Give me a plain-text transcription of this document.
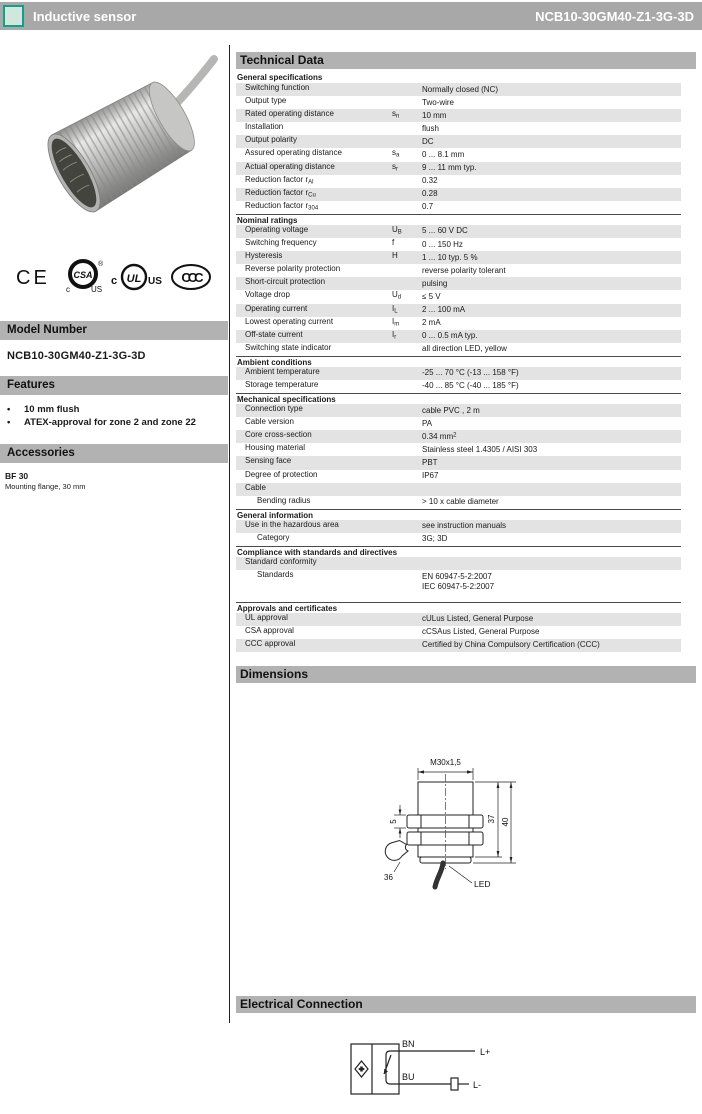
Inductive sensor	NCB10-30GM40-Z1-3G-3D
CE	CSA
c	US
®
c UL US CCC
Model Number
NCB10-30GM40-Z1-3G-3D
Features
•	10 mm flush
•	ATEX-approval for zone 2 and zone 22
Accessories
BF 30
Mounting flange, 30 mm
Technical Data
General specifications
Switching function	Normally closed (NC)
Output type	Two-wire
Rated operating distance	$s_n$	10 mm
Installation	flush
Output polarity	DC
Assured operating distance	$s_a$	0 ... 8.1 mm
Actual operating distance	$s_r$	9 ... 11 mm typ.
Reduction factor $r_{Al}$	0.32
Reduction factor $r_{Cu}$	0.28
Reduction factor $r_{304}$	0.7
Nominal ratings
Operating voltage	$U_B$	5 ... 60 V DC
Switching frequency	f	0 ... 150 Hz
Hysteresis	H	1 ... 10 typ. 5 %
Reverse polarity protection	reverse polarity tolerant
Short-circuit protection	pulsing
Voltage drop	$U_d$	≤ 5 V
Operating current	$I_L$	2 ... 100 mA
Lowest operating current	$I_m$	2 mA
Off-state current	$I_r$	0 ... 0.5 mA typ.
Switching state indicator	all direction LED, yellow
Ambient conditions
Ambient temperature	-25 ... 70 °C (-13 ... 158 °F)
Storage temperature	-40 ... 85 °C (-40 ... 185 °F)
Mechanical specifications
Connection type	cable PVC , 2 m
Cable version	PA
Core cross-section	0.34 $mm^2$
Housing material	Stainless steel 1.4305 / AISI 303
Sensing face	PBT
Degree of protection	IP67
Cable
Bending radius	> 10 x cable diameter
General information
Use in the hazardous area	see instruction manuals
Category	3G; 3D
Compliance with standards and directives
Standard conformity
Standards	EN 60947-5-2:2007
IEC 60947-5-2:2007
Approvals and certificates
UL approval	cULus Listed, General Purpose
CSA approval	cCSAus Listed, General Purpose
CCC approval	Certified by China Compulsory Certification (CCC)
Dimensions
M30x1,5
37 40
5
36
LED
Electrical Connection
BN
L+
BU
L-
